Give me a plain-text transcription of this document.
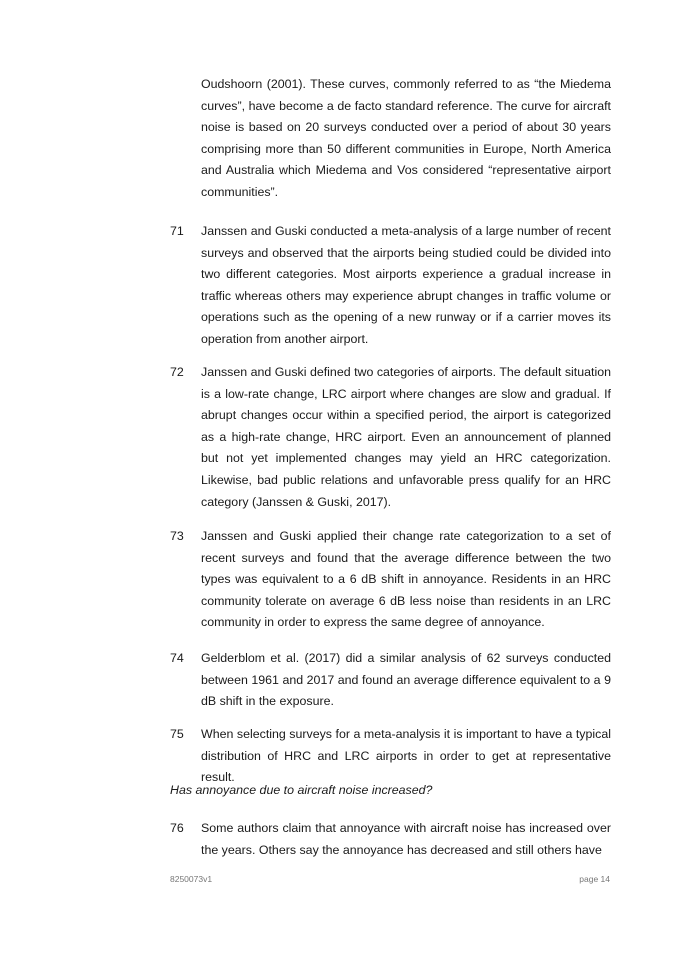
Oudshoorn (2001). These curves, commonly referred to as “the Miedema curves”, have become a de facto standard reference. The curve for aircraft noise is based on 20 surveys conducted over a period of about 30 years comprising more than 50 different communities in Europe, North America and Australia which Miedema and Vos considered “representative airport communities”.

71 Janssen and Guski conducted a meta-analysis of a large number of recent surveys and observed that the airports being studied could be divided into two different categories. Most airports experience a gradual increase in traffic whereas others may experience abrupt changes in traffic volume or operations such as the opening of a new runway or if a carrier moves its operation from another airport.

72 Janssen and Guski defined two categories of airports. The default situation is a low-rate change, LRC airport where changes are slow and gradual. If abrupt changes occur within a specified period, the airport is categorized as a high-rate change, HRC airport. Even an announcement of planned but not yet implemented changes may yield an HRC categorization. Likewise, bad public relations and unfavorable press qualify for an HRC category (Janssen & Guski, 2017).

73 Janssen and Guski applied their change rate categorization to a set of recent surveys and found that the average difference between the two types was equivalent to a 6 dB shift in annoyance. Residents in an HRC community tolerate on average 6 dB less noise than residents in an LRC community in order to express the same degree of annoyance.

74 Gelderblom et al. (2017) did a similar analysis of 62 surveys conducted between 1961 and 2017 and found an average difference equivalent to a 9 dB shift in the exposure.

75 When selecting surveys for a meta-analysis it is important to have a typical distribution of HRC and LRC airports in order to get at representative result.

Has annoyance due to aircraft noise increased?

76 Some authors claim that annoyance with aircraft noise has increased over the years. Others say the annoyance has decreased and still others have

8250073v1	page 14
